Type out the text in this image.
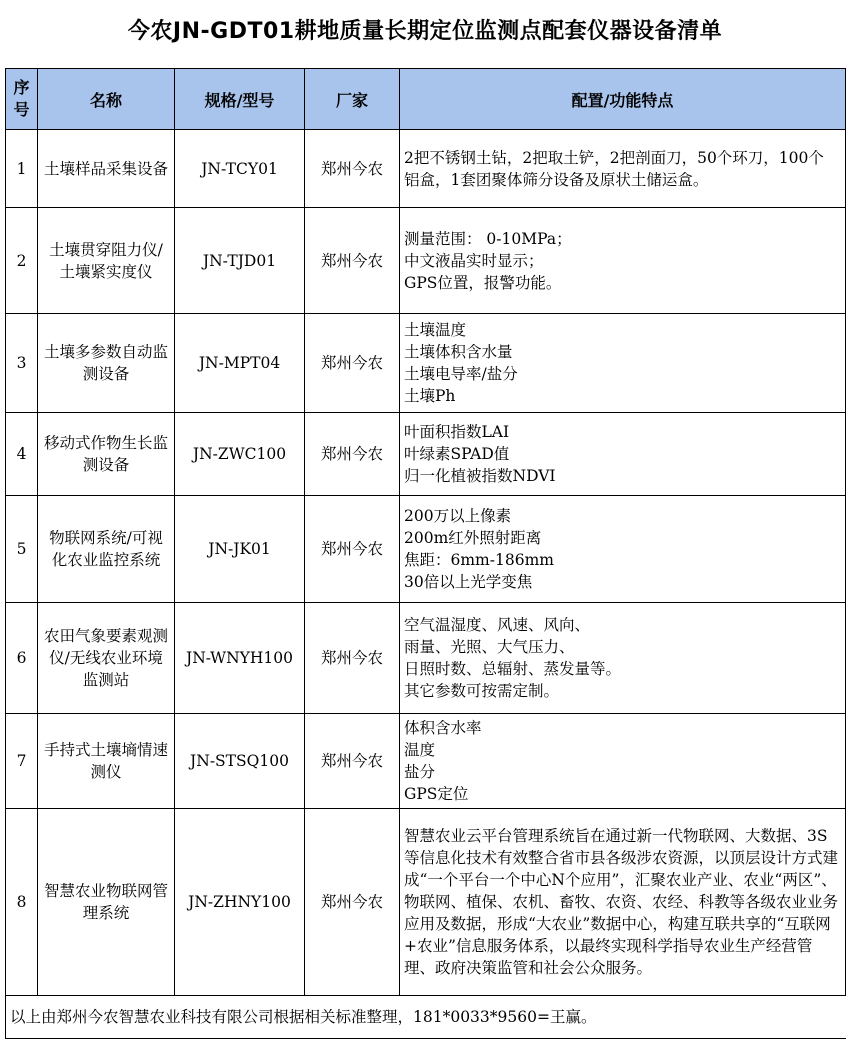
今农JN-GDT01耕地质量长期定位监测点配套仪器设备清单
序号	名称	规格/型号	厂家	配置/功能特点
1	土壤样品采集设备	JN-TCY01	郑州今农	2把不锈钢土钻，2把取土铲，2把剖面刀，50个环刀，100个铝盒，1套团聚体筛分设备及原状土储运盒。

2	土壤贯穿阻力仪/土壤紧实度仪	JN-TJD01	郑州今农	测量范围： 0-10MPa；
中文液晶实时显示；
GPS位置，报警功能。

3	土壤多参数自动监测设备	JN-MPT04	郑州今农	土壤温度
土壤体积含水量
土壤电导率/盐分
土壤Ph

4	移动式作物生长监测设备	JN-ZWC100	郑州今农	叶面积指数LAI
叶绿素SPAD值
归一化植被指数NDVI

5	物联网系统/可视化农业监控系统	JN-JK01	郑州今农	200万以上像素
200m红外照射距离
焦距：6mm-186mm
30倍以上光学变焦

6	农田气象要素观测仪/无线农业环境监测站	JN-WNYH100	郑州今农	空气温湿度、风速、风向、
雨量、光照、大气压力、
日照时数、总辐射、蒸发量等。
其它参数可按需定制。

7	手持式土壤墒情速测仪	JN-STSQ100	郑州今农	体积含水率
温度
盐分
GPS定位

8	智慧农业物联网管理系统	JN-ZHNY100	郑州今农	智慧农业云平台管理系统旨在通过新一代物联网、大数据、3S等信息化技术有效整合省市县各级涉农资源，以顶层设计方式建成“一个平台一个中心N个应用”，汇聚农业产业、农业“两区”、物联网、植保、农机、畜牧、农资、农经、科教等各级农业业务应用及数据，形成“大农业”数据中心，构建互联共享的“互联网+农业”信息服务体系，以最终实现科学指导农业生产经营管理、政府决策监管和社会公众服务。

以上由郑州今农智慧农业科技有限公司根据相关标准整理，181*0033*9560=王赢。				
